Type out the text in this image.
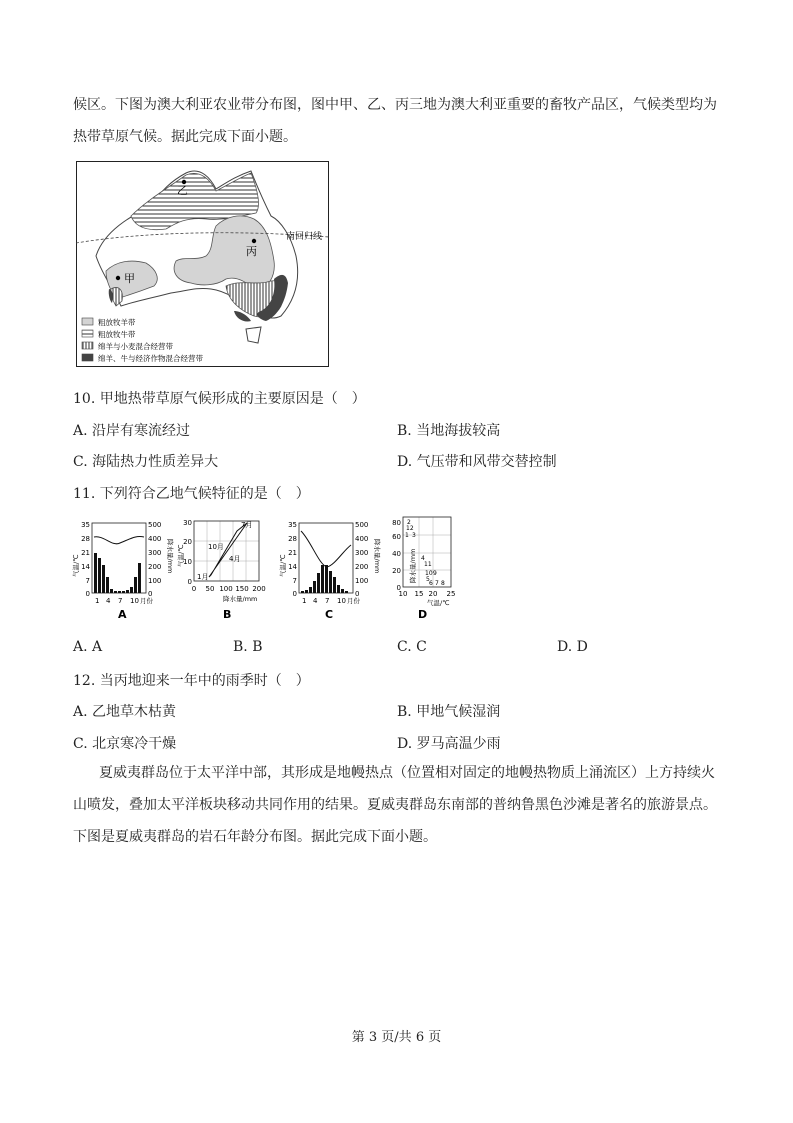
候区。下图为澳大利亚农业带分布图，图中甲、乙、丙三地为澳大利亚重要的畜牧产品区，气候类型均为
热带草原气候。据此完成下面小题。
乙
丙
甲
南回归线
粗放牧羊带
粗放牧牛带
绵羊与小麦混合经营带
绵羊、牛与经济作物混合经营带
10. 甲地热带草原气候形成的主要原因是（　）
A. 沿岸有寒流经过	B. 当地海拔较高
C. 海陆热力性质差异大	D. 气压带和风带交替控制
11. 下列符合乙地气候特征的是（　）
35
28
21
14
7
0
500
400
300
200
100
0
气温/℃	降水量/mm
1 4 7 10 月份
A
30
20
10
0
气温/℃
7月
10月
4月
1月
0 50 100 150 200
降水量/mm
B
35
28
21
14
7
0
500
400
300
200
100
0
气温/℃	降水量/mm
1 4 7 10 月份
C
80
60
40
20
0
降水量/mm
2
12
1 3
4
11
10 9
5
6 7 8
10 15 20 25
气温/℃
D
A. A	B. B	C. C	D. D
12. 当丙地迎来一年中的雨季时（　）
A. 乙地草木枯黄	B. 甲地气候湿润
C. 北京寒冷干燥	D. 罗马高温少雨
夏威夷群岛位于太平洋中部，其形成是地幔热点（位置相对固定的地幔热物质上涌流区）上方持续火
山喷发，叠加太平洋板块移动共同作用的结果。夏威夷群岛东南部的普纳鲁黑色沙滩是著名的旅游景点。
下图是夏威夷群岛的岩石年龄分布图。据此完成下面小题。
第 3 页/共 6 页
